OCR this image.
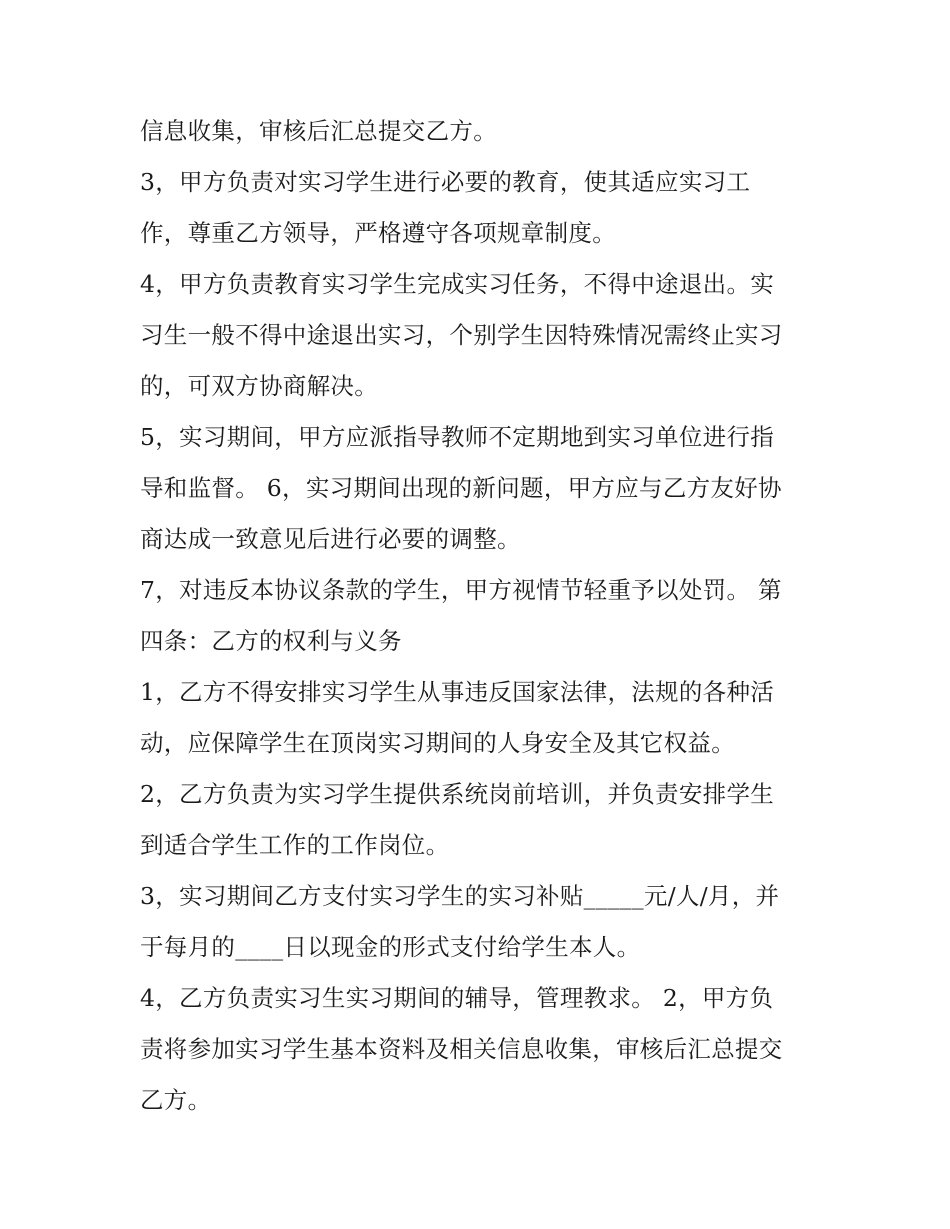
信息收集，审核后汇总提交乙方。
3，甲方负责对实习学生进行必要的教育，使其适应实习工
作，尊重乙方领导，严格遵守各项规章制度。
4，甲方负责教育实习学生完成实习任务，不得中途退出。实
习生一般不得中途退出实习，个别学生因特殊情况需终止实习
的，可双方协商解决。
5，实习期间，甲方应派指导教师不定期地到实习单位进行指
导和监督。 6，实习期间出现的新问题，甲方应与乙方友好协
商达成一致意见后进行必要的调整。
7，对违反本协议条款的学生，甲方视情节轻重予以处罚。 第
四条：乙方的权利与义务
1，乙方不得安排实习学生从事违反国家法律，法规的各种活
动，应保障学生在顶岗实习期间的人身安全及其它权益。
2，乙方负责为实习学生提供系统岗前培训，并负责安排学生
到适合学生工作的工作岗位。
3，实习期间乙方支付实习学生的实习补贴_____元/人/月，并
于每月的____日以现金的形式支付给学生本人。
4，乙方负责实习生实习期间的辅导，管理教求。 2，甲方负
责将参加实习学生基本资料及相关信息收集，审核后汇总提交
乙方。
